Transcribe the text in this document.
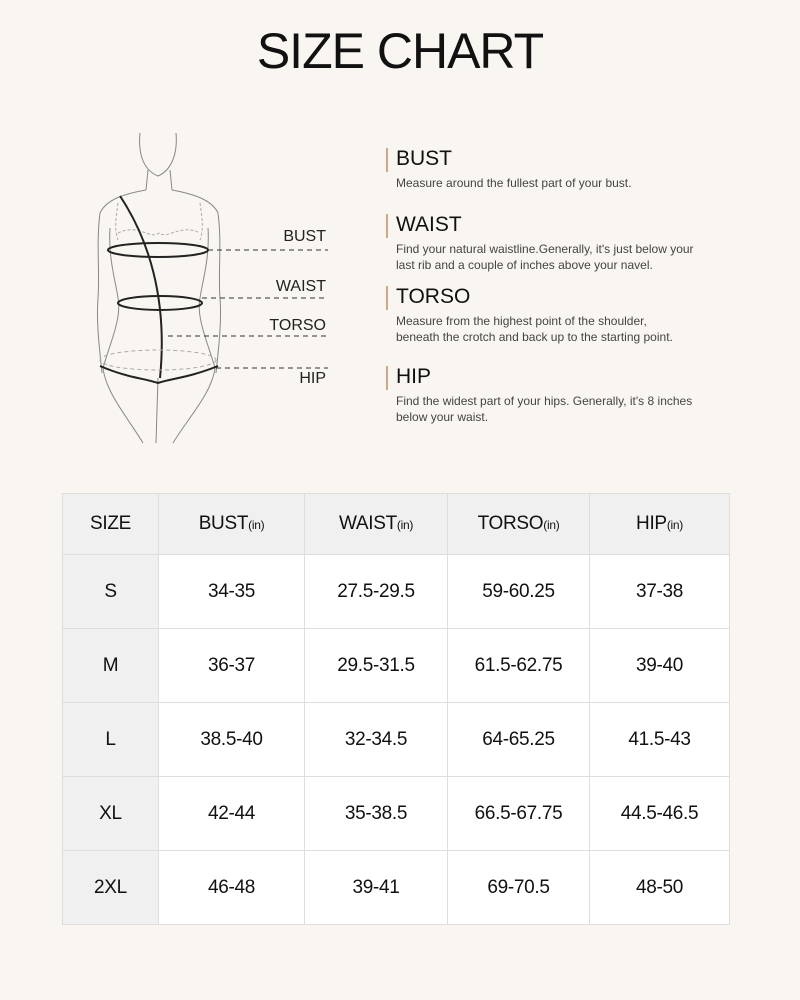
SIZE CHART
BUST
WAIST
TORSO
HIP
BUST
Measure around the fullest part of your bust.
WAIST
Find your natural waistline.Generally, it's just below your
last rib and a couple of inches above your navel.
TORSO
Measure from the highest point of the shoulder,
beneath the crotch and back up to the starting point.
HIP
Find the widest part of your hips. Generally, it's 8 inches
below your waist.
SIZE	BUST(in)	WAIST(in)	TORSO(in)	HIP(in)
S	34-35	27.5-29.5	59-60.25	37-38
M	36-37	29.5-31.5	61.5-62.75	39-40
L	38.5-40	32-34.5	64-65.25	41.5-43
XL	42-44	35-38.5	66.5-67.75	44.5-46.5
2XL	46-48	39-41	69-70.5	48-50
